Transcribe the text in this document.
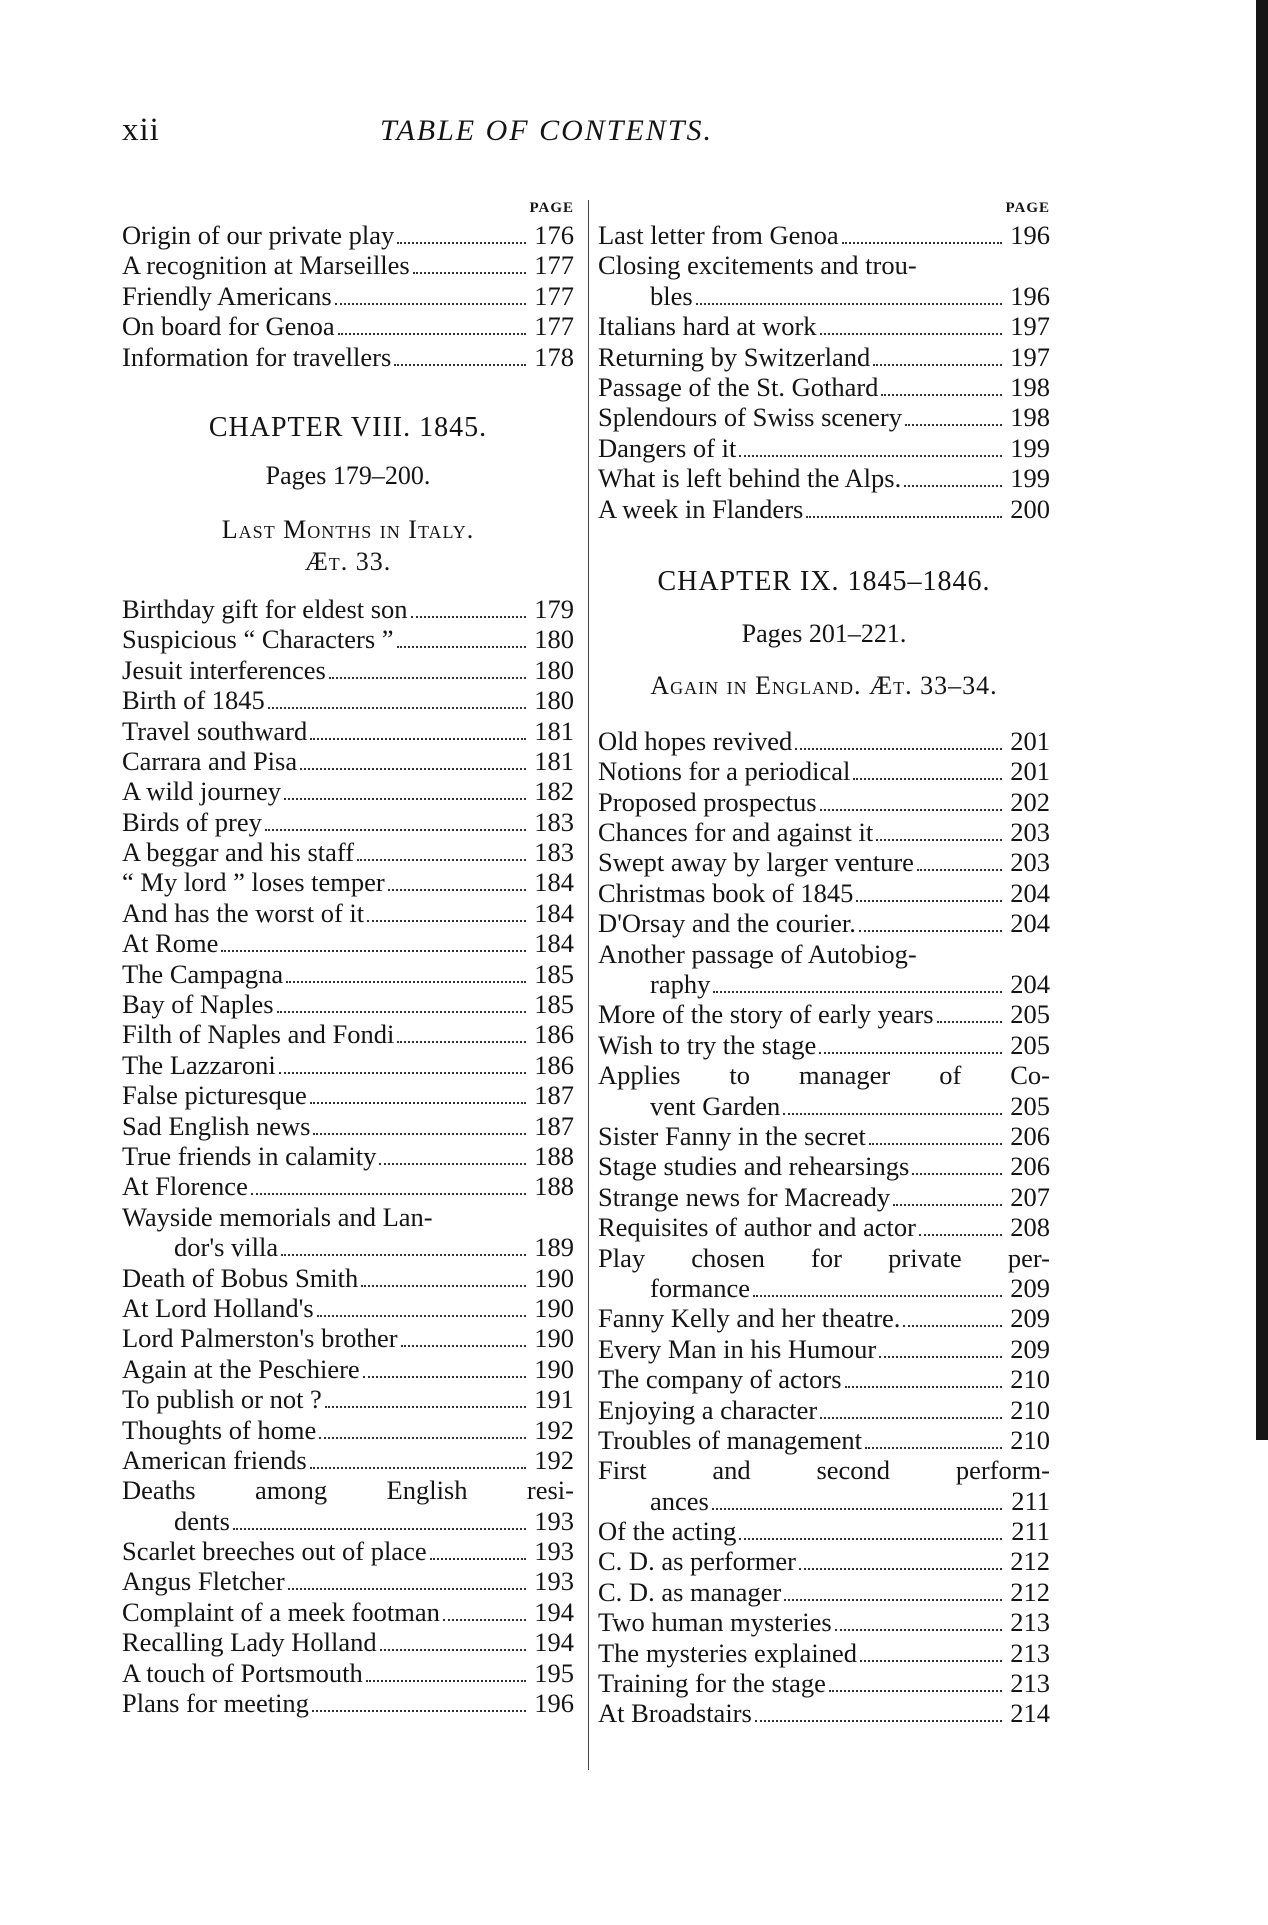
xii	TABLE OF CONTENTS.
PAGE
Origin of our private play	176
A recognition at Marseilles	177
Friendly Americans	177
On board for Genoa	177
Information for travellers	178
CHAPTER VIII. 1845.
Pages 179–200.
Last Months in Italy.
Æt. 33.
Birthday gift for eldest son	179
Suspicious “ Characters ”	180
Jesuit interferences	180
Birth of 1845	180
Travel southward	181
Carrara and Pisa	181
A wild journey	182
Birds of prey	183
A beggar and his staff	183
“ My lord ” loses temper	184
And has the worst of it	184
At Rome	184
The Campagna	185
Bay of Naples	185
Filth of Naples and Fondi	186
The Lazzaroni	186
False picturesque	187
Sad English news	187
True friends in calamity	188
At Florence	188
Wayside memorials and Lan-
dor's villa	189
Death of Bobus Smith	190
At Lord Holland's	190
Lord Palmerston's brother	190
Again at the Peschiere	190
To publish or not ?	191
Thoughts of home	192
American friends	192
Deaths among English resi-
dents	193
Scarlet breeches out of place	193
Angus Fletcher	193
Complaint of a meek footman	194
Recalling Lady Holland	194
A touch of Portsmouth	195
Plans for meeting	196
PAGE
Last letter from Genoa	196
Closing excitements and trou-
bles	196
Italians hard at work	197
Returning by Switzerland	197
Passage of the St. Gothard	198
Splendours of Swiss scenery	198
Dangers of it	199
What is left behind the Alps.	199
A week in Flanders	200
CHAPTER IX. 1845–1846.
Pages 201–221.
Again in England. Æt. 33–34.
Old hopes revived	201
Notions for a periodical	201
Proposed prospectus	202
Chances for and against it	203
Swept away by larger venture	203
Christmas book of 1845	204
D'Orsay and the courier.	204
Another passage of Autobiog-
raphy	204
More of the story of early years	205
Wish to try the stage	205
Applies to manager of Co-
vent Garden	205
Sister Fanny in the secret	206
Stage studies and rehearsings	206
Strange news for Macready	207
Requisites of author and actor	208
Play chosen for private per-
formance	209
Fanny Kelly and her theatre.	209
Every Man in his Humour	209
The company of actors	210
Enjoying a character	210
Troubles of management	210
First and second perform-
ances	211
Of the acting	211
C. D. as performer	212
C. D. as manager	212
Two human mysteries	213
The mysteries explained	213
Training for the stage	213
At Broadstairs	214
